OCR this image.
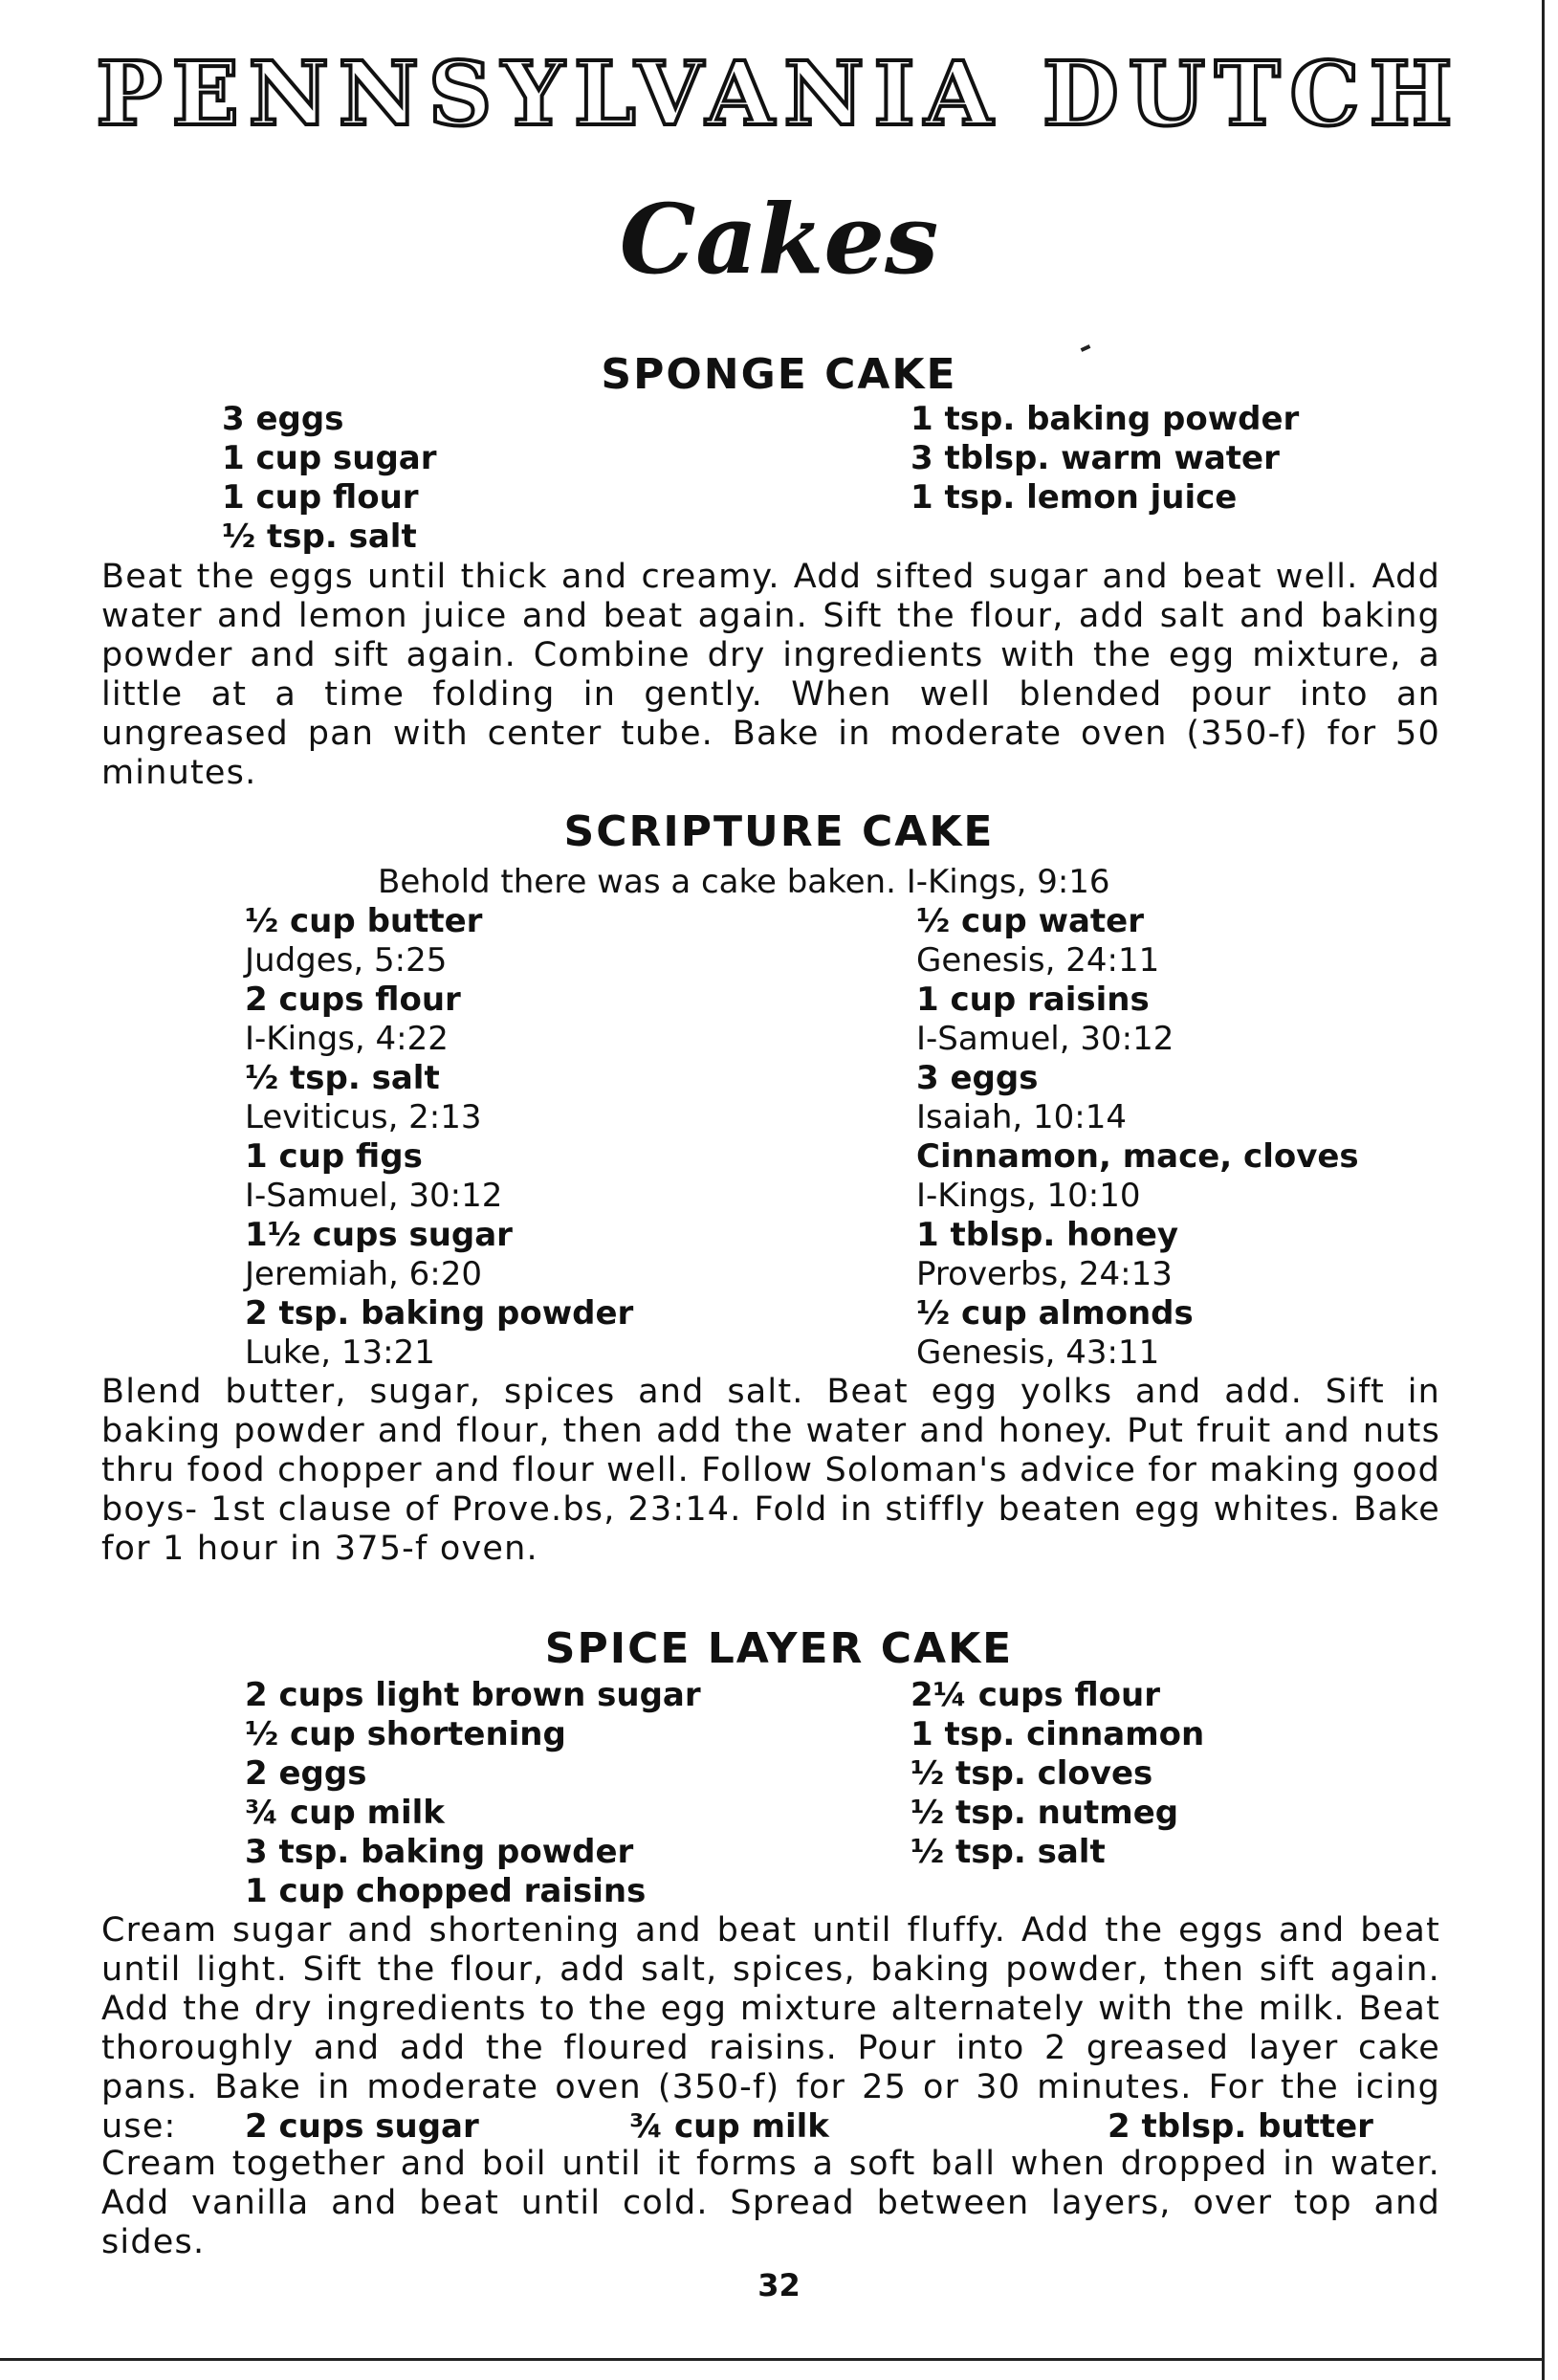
PENNSYLVANIA DUTCH
Cakes
SPONGE CAKE
3 eggs
1 cup sugar
1 cup flour
½ tsp. salt
1 tsp. baking powder
3 tblsp. warm water
1 tsp. lemon juice
Beat the eggs until thick and creamy. Add sifted sugar and beat well. Add water and lemon juice and beat again. Sift the flour, add salt and baking powder and sift again. Combine dry ingredients with the egg mixture, a little at a time folding in gently. When well blended pour into an ungreased pan with center tube. Bake in moderate oven (350-f) for 50 minutes.
SCRIPTURE CAKE
Behold there was a cake baken. I-Kings, 9:16
½ cup butter
Judges, 5:25
2 cups flour
I-Kings, 4:22
½ tsp. salt
Leviticus, 2:13
1 cup figs
I-Samuel, 30:12
1½ cups sugar
Jeremiah, 6:20
2 tsp. baking powder
Luke, 13:21
½ cup water
Genesis, 24:11
1 cup raisins
I-Samuel, 30:12
3 eggs
Isaiah, 10:14
Cinnamon, mace, cloves
I-Kings, 10:10
1 tblsp. honey
Proverbs, 24:13
½ cup almonds
Genesis, 43:11
Blend butter, sugar, spices and salt. Beat egg yolks and add. Sift in baking powder and flour, then add the water and honey. Put fruit and nuts thru food chopper and flour well. Follow Soloman's advice for making good boys- 1st clause of Prove.bs, 23:14. Fold in stiffly beaten egg whites. Bake for 1 hour in 375-f oven.
SPICE LAYER CAKE
2 cups light brown sugar
½ cup shortening
2 eggs
¾ cup milk
3 tsp. baking powder
1 cup chopped raisins
2¼ cups flour
1 tsp. cinnamon
½ tsp. cloves
½ tsp. nutmeg
½ tsp. salt
Cream sugar and shortening and beat until fluffy. Add the eggs and beat until light. Sift the flour, add salt, spices, baking powder, then sift again. Add the dry ingredients to the egg mixture alternately with the milk. Beat thoroughly and add the floured raisins. Pour into 2 greased layer cake pans. Bake in moderate oven (350-f) for 25 or 30 minutes. For the icing use:	2 cups sugar	¾ cup milk	2 tblsp. butter
Cream together and boil until it forms a soft ball when dropped in water. Add vanilla and beat until cold. Spread between layers, over top and sides.
32
